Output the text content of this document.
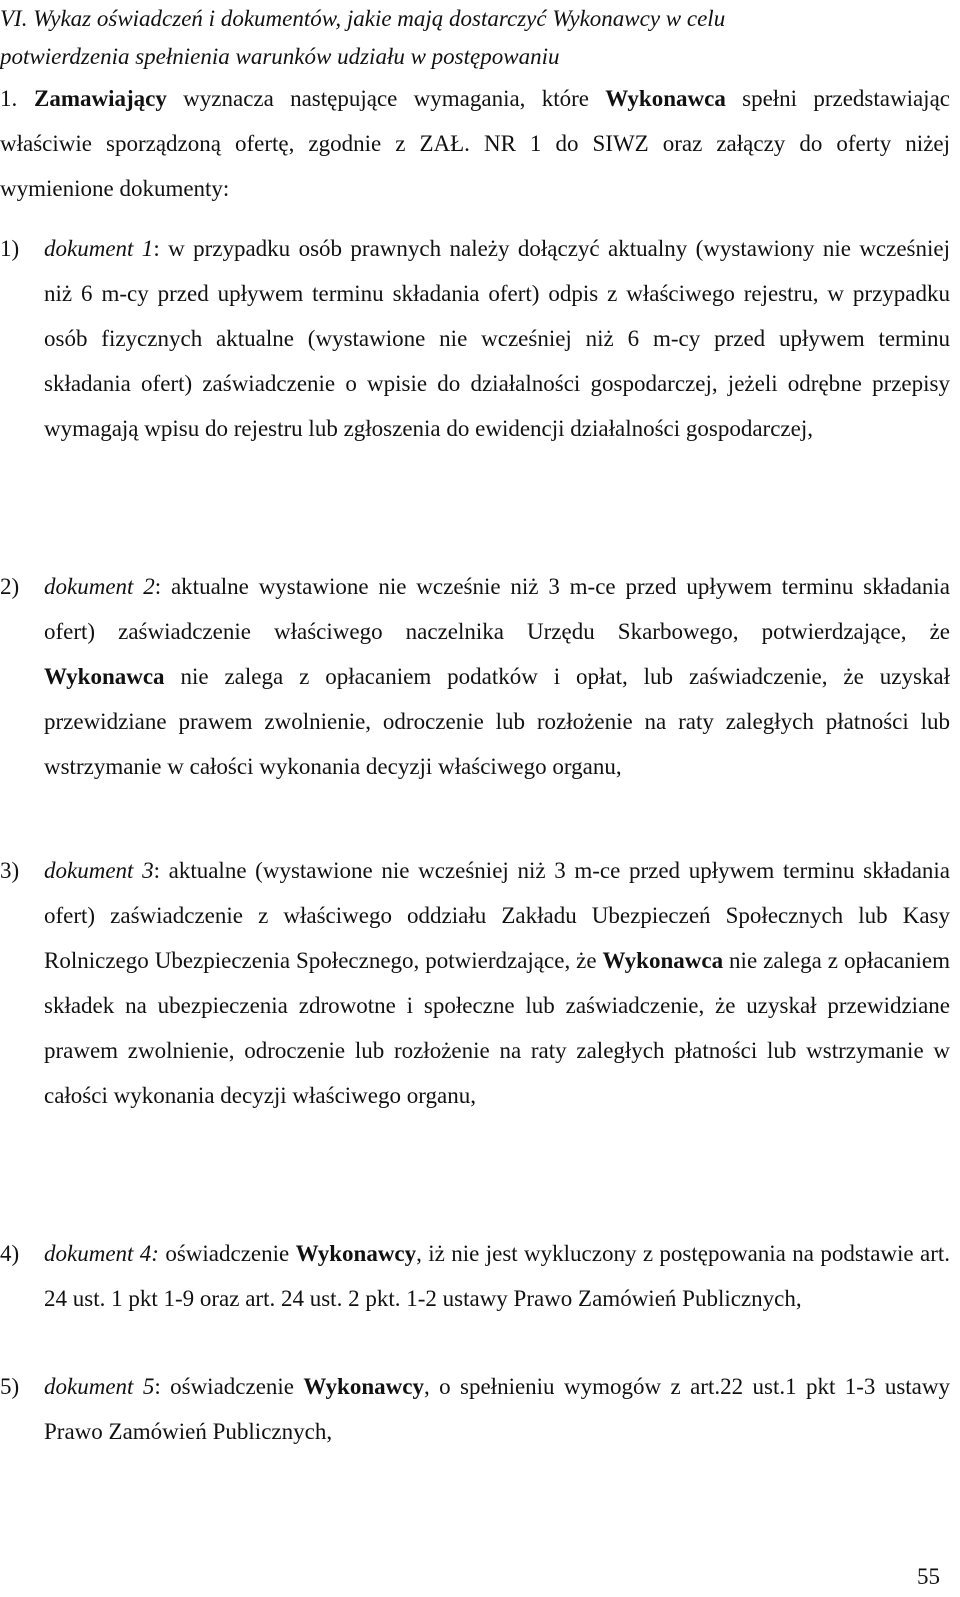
VI. Wykaz oświadczeń i dokumentów, jakie mają dostarczyć Wykonawcy w celu
potwierdzenia spełnienia warunków udziału w postępowaniu
1. Zamawiający wyznacza następujące wymagania, które Wykonawca spełni przedstawiając właściwie sporządzoną ofertę, zgodnie z ZAŁ. NR 1 do SIWZ oraz załączy do oferty niżej wymienione dokumenty:
1)	dokument 1: w przypadku osób prawnych należy dołączyć aktualny (wystawiony nie wcześniej niż 6 m-cy przed upływem terminu składania ofert) odpis z właściwego rejestru, w przypadku osób fizycznych aktualne (wystawione nie wcześniej niż 6 m-cy przed upływem terminu składania ofert) zaświadczenie o wpisie do działalności gospodarczej, jeżeli odrębne przepisy wymagają wpisu do rejestru lub zgłoszenia do ewidencji działalności gospodarczej,
2)	dokument 2: aktualne wystawione nie wcześnie niż 3 m-ce przed upływem terminu składania ofert) zaświadczenie właściwego naczelnika Urzędu Skarbowego, potwierdzające, że Wykonawca nie zalega z opłacaniem podatków i opłat, lub zaświadczenie, że uzyskał przewidziane prawem zwolnienie, odroczenie lub rozłożenie na raty zaległych płatności lub wstrzymanie w całości wykonania decyzji właściwego organu,
3)	dokument 3: aktualne (wystawione nie wcześniej niż 3 m-ce przed upływem terminu składania ofert) zaświadczenie z właściwego oddziału Zakładu Ubezpieczeń Społecznych lub Kasy Rolniczego Ubezpieczenia Społecznego, potwierdzające, że Wykonawca nie zalega z opłacaniem składek na ubezpieczenia zdrowotne i społeczne lub zaświadczenie, że uzyskał przewidziane prawem zwolnienie, odroczenie lub rozłożenie na raty zaległych płatności lub wstrzymanie w całości wykonania decyzji właściwego organu,
4)	dokument 4: oświadczenie Wykonawcy, iż nie jest wykluczony z postępowania na podstawie art. 24 ust. 1 pkt 1-9 oraz art. 24 ust. 2 pkt. 1-2 ustawy Prawo Zamówień Publicznych,
5)	dokument 5: oświadczenie Wykonawcy, o spełnieniu wymogów z art.22 ust.1 pkt 1-3 ustawy Prawo Zamówień Publicznych,
55
